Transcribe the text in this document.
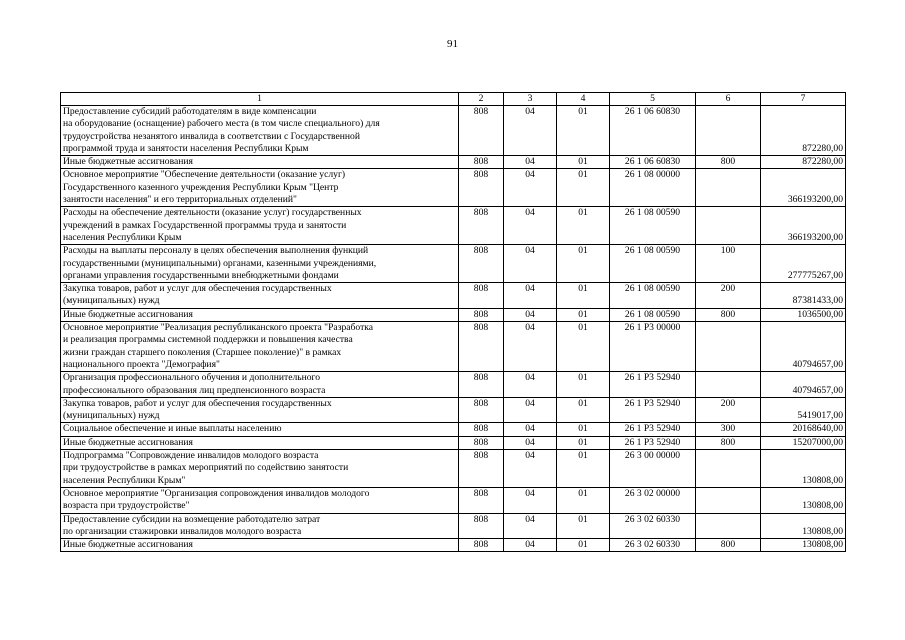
91
1	2	3	4	5	6	7
Предоставление субсидий работодателям в виде компенсации
на оборудование (оснащение) рабочего места (в том числе специального) для
трудоустройства незанятого инвалида в соответствии с Государственной
программой труда и занятости населения Республики Крым	808	04	01	26 1 06 60830		872280,00
Иные бюджетные ассигнования	808	04	01	26 1 06 60830	800	872280,00
Основное мероприятие "Обеспечение деятельности (оказание услуг)
Государственного казенного учреждения Республики Крым "Центр
занятости населения" и его территориальных отделений"	808	04	01	26 1 08 00000		366193200,00
Расходы на обеспечение деятельности (оказание услуг) государственных
учреждений в рамках Государственной программы труда и занятости
населения Республики Крым	808	04	01	26 1 08 00590		366193200,00
Расходы на выплаты персоналу в целях обеспечения выполнения функций
государственными (муниципальными) органами, казенными учреждениями,
органами управления государственными внебюджетными фондами	808	04	01	26 1 08 00590	100	277775267,00
Закупка товаров, работ и услуг для обеспечения государственных
(муниципальных) нужд	808	04	01	26 1 08 00590	200	87381433,00
Иные бюджетные ассигнования	808	04	01	26 1 08 00590	800	1036500,00
Основное мероприятие "Реализация республиканского проекта "Разработка
и реализация программы системной поддержки и повышения качества
жизни граждан старшего поколения (Старшее поколение)" в рамках
национального проекта "Демография"	808	04	01	26 1 P3 00000		40794657,00
Организация профессионального обучения и дополнительного
профессионального образования лиц предпенсионного возраста	808	04	01	26 1 P3 52940		40794657,00
Закупка товаров, работ и услуг для обеспечения государственных
(муниципальных) нужд	808	04	01	26 1 P3 52940	200	5419017,00
Социальное обеспечение и иные выплаты населению	808	04	01	26 1 P3 52940	300	20168640,00
Иные бюджетные ассигнования	808	04	01	26 1 P3 52940	800	15207000,00
Подпрограмма "Сопровождение инвалидов молодого возраста
при трудоустройстве в рамках мероприятий по содействию занятости
населения Республики Крым"	808	04	01	26 3 00 00000		130808,00
Основное мероприятие "Организация сопровождения инвалидов молодого
возраста при трудоустройстве"	808	04	01	26 3 02 00000		130808,00
Предоставление субсидии на возмещение работодателю затрат
по организации стажировки инвалидов молодого возраста	808	04	01	26 3 02 60330		130808,00
Иные бюджетные ассигнования	808	04	01	26 3 02 60330	800	130808,00
